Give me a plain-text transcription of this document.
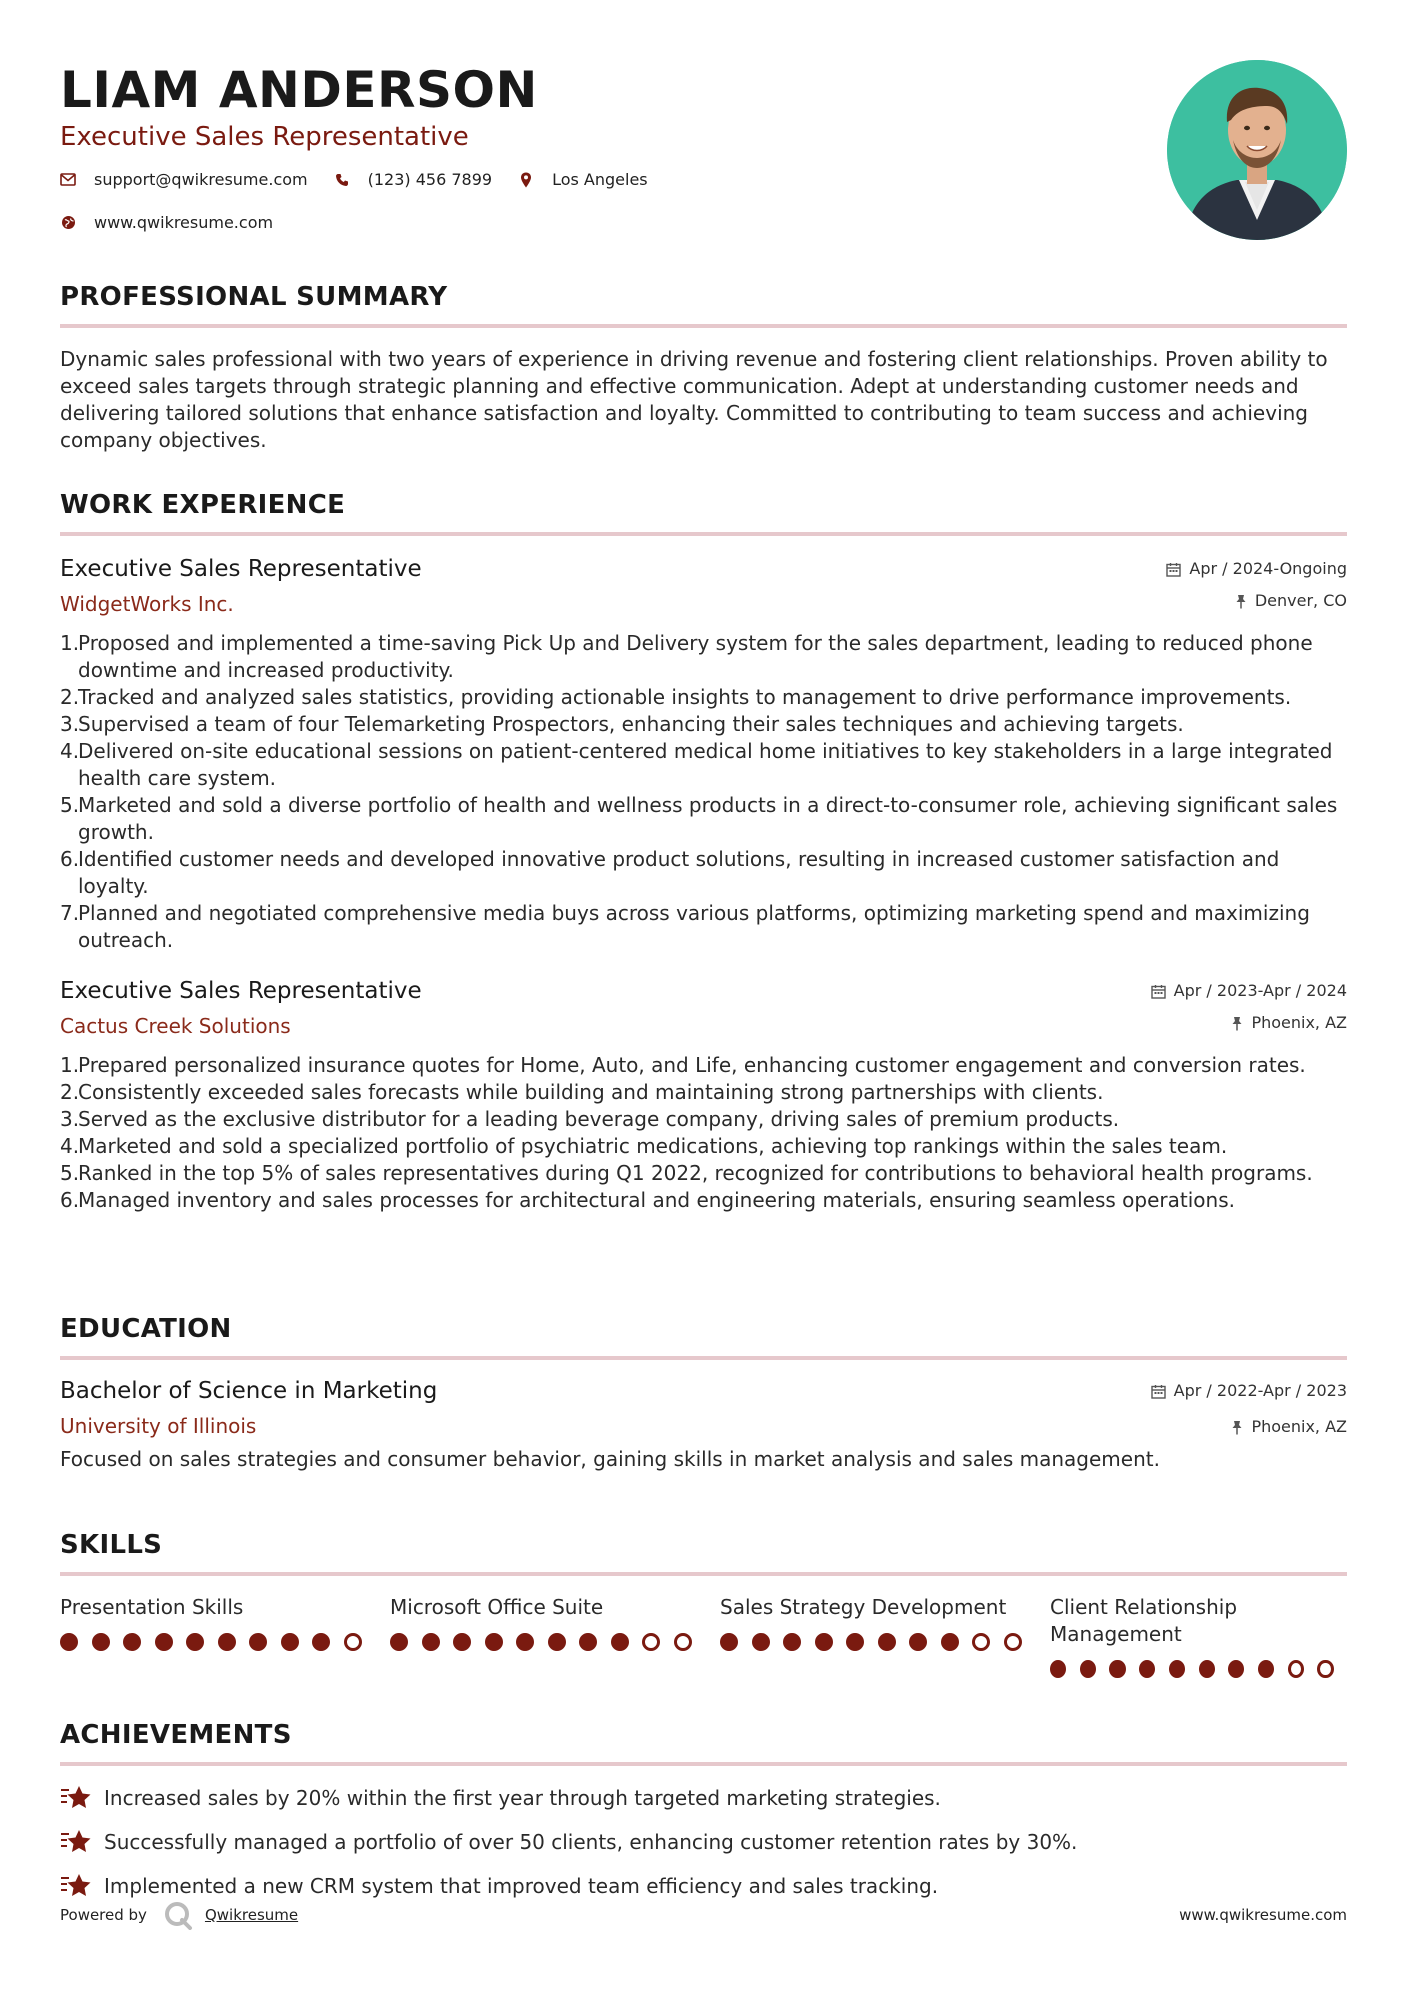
LIAM ANDERSON
Executive Sales Representative
support@qwikresume.com	(123) 456 7899	Los Angeles
www.qwikresume.com
PROFESSIONAL SUMMARY
Dynamic sales professional with two years of experience in driving revenue and fostering client relationships. Proven ability to exceed sales targets through strategic planning and effective communication. Adept at understanding customer needs and delivering tailored solutions that enhance satisfaction and loyalty. Committed to contributing to team success and achieving company objectives.
WORK EXPERIENCE
Executive Sales Representative
WidgetWorks Inc.
Apr / 2024-Ongoing
Denver, CO
1.
Proposed and implemented a time-saving Pick Up and Delivery system for the sales department, leading to reduced phone downtime and increased productivity.
2.
Tracked and analyzed sales statistics, providing actionable insights to management to drive performance improvements.
3.
Supervised a team of four Telemarketing Prospectors, enhancing their sales techniques and achieving targets.
4.
Delivered on-site educational sessions on patient-centered medical home initiatives to key stakeholders in a large integrated health care system.
5.
Marketed and sold a diverse portfolio of health and wellness products in a direct-to-consumer role, achieving significant sales growth.
6.
Identified customer needs and developed innovative product solutions, resulting in increased customer satisfaction and loyalty.
7.
Planned and negotiated comprehensive media buys across various platforms, optimizing marketing spend and maximizing outreach.
Executive Sales Representative
Cactus Creek Solutions
Apr / 2023-Apr / 2024
Phoenix, AZ
1.
Prepared personalized insurance quotes for Home, Auto, and Life, enhancing customer engagement and conversion rates.
2.
Consistently exceeded sales forecasts while building and maintaining strong partnerships with clients.
3.
Served as the exclusive distributor for a leading beverage company, driving sales of premium products.
4.
Marketed and sold a specialized portfolio of psychiatric medications, achieving top rankings within the sales team.
5.
Ranked in the top 5% of sales representatives during Q1 2022, recognized for contributions to behavioral health programs.
6.
Managed inventory and sales processes for architectural and engineering materials, ensuring seamless operations.
EDUCATION
Bachelor of Science in Marketing
University of Illinois
Apr / 2022-Apr / 2023
Phoenix, AZ
Focused on sales strategies and consumer behavior, gaining skills in market analysis and sales management.
SKILLS
Presentation Skills	Microsoft Office Suite	Sales Strategy Development	Client Relationship Management
ACHIEVEMENTS
Increased sales by 20% within the first year through targeted marketing strategies.
Successfully managed a portfolio of over 50 clients, enhancing customer retention rates by 30%.
Implemented a new CRM system that improved team efficiency and sales tracking.
Powered by	Qwikresume	www.qwikresume.com
